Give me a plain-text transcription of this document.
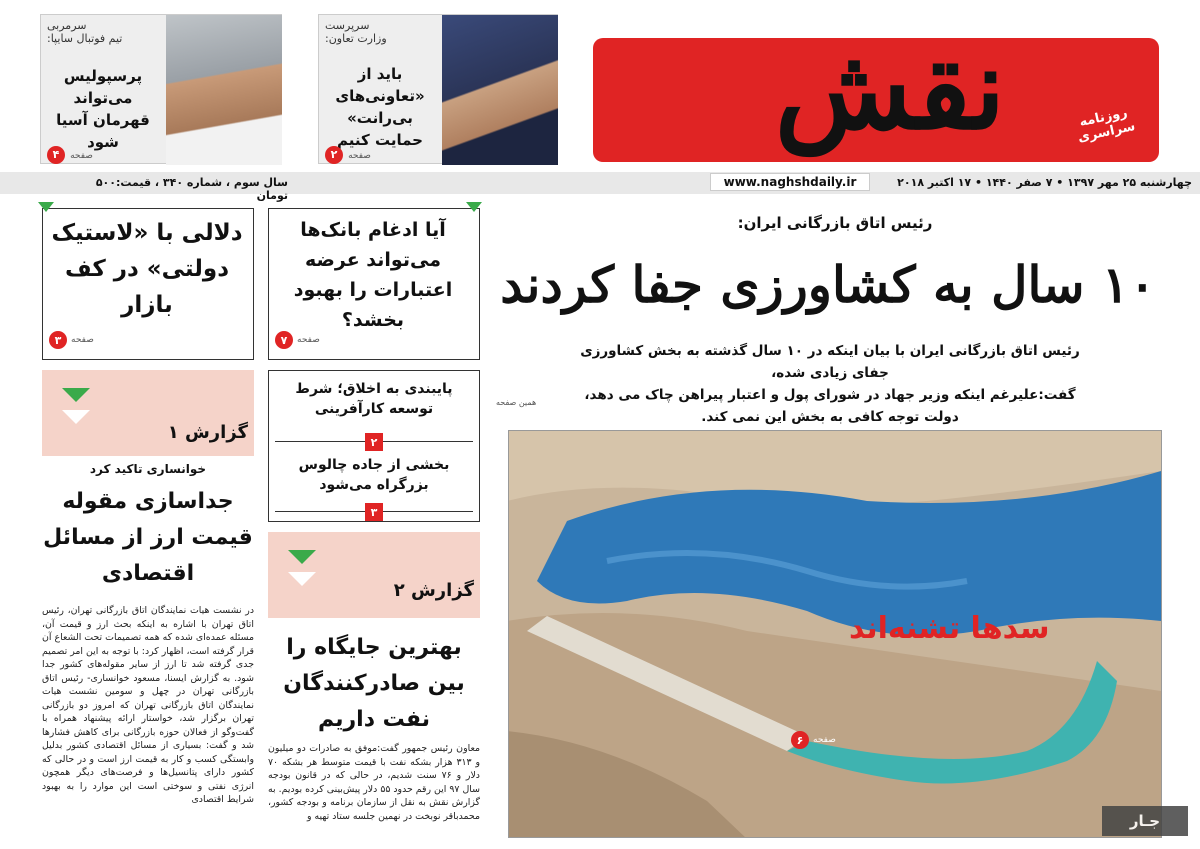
نقش	روزنامه سراسری
سرپرست
وزارت تعاون:
باید از «تعاونی‌های بی‌رانت» حمایت کنیم
صفحه ۲
سرمربی
تیم فوتبال سایپا:
پرسپولیس می‌تواند قهرمان آسیا شود
صفحه ۴
چهارشنبه ۲۵ مهر ۱۳۹۷ • ۷ صفر ۱۴۴۰ • ۱۷ اکتبر ۲۰۱۸
www.naghshdaily.ir
سال سوم ، شماره ۳۴۰ ، قیمت:۵۰۰ تومان
رئیس اتاق بازرگانی ایران:
۱۰ سال به کشاورزی جفا کردند
رئیس اتاق بازرگانی ایران با بیان اینکه در ۱۰ سال گذشته به بخش کشاورزی جفای زیادی شده،
گفت:علیرغم اینکه وزیر جهاد در شورای پول و اعتبار پیراهن چاک می دهد،
دولت توجه کافی به بخش این نمی کند.
همین صفحه
سدها تشنه‌اند
صفحه
۶
آیا ادغام بانک‌ها می‌تواند عرضه اعتبارات را بهبود بخشد؟
صفحه
۷
دلالی با «لاستیک دولتی» در کف بازار
صفحه
۳
پایبندی به اخلاق؛ شرط توسعه کارآفرینی
۲
بخشی از جاده چالوس بزرگراه می‌شود
۳
گزارش ۱
خوانساری تاکید کرد
جداسازی مقوله قیمت ارز از مسائل اقتصادی
در نشست هیات نمایندگان اتاق بازرگانی تهران، رئیس اتاق تهران با اشاره به اینکه بحث ارز و قیمت آن، مسئله عمده‌ای شده که همه تصمیمات تحت الشعاع آن قرار گرفته است، اظهار کرد: با توجه به این امر تصمیم جدی گرفته شد تا ارز از سایر مقوله‌های کشور جدا شود. به گزارش ایسنا، مسعود خوانساری- رئیس اتاق بازرگانی تهران در چهل و سومین نشست هیات نمایندگان اتاق بازرگانی تهران که امروز دو بازرگانی تهران برگزار شد، خواستار ارائه پیشنهاد همراه با گفت‌وگو از فعالان حوزه بازرگانی برای کاهش فشارها شد و گفت: بسیاری از مسائل اقتصادی کشور بدلیل وابستگی کسب و کار به قیمت ارز است و در حالی که کشور دارای پتانسیل‌ها و فرصت‌های دیگر همچون انرژی نفتی و سوختی است این موارد را به بهبود شرایط اقتصادی
گزارش ۲
بهترین جایگاه را بین صادرکنندگان نفت داریم
معاون رئیس جمهور گفت:موفق به صادرات دو میلیون و ۳۱۳ هزار بشکه نفت با قیمت متوسط هر بشکه ۷۰ دلار و ۷۶ سنت شدیم، در حالی که در قانون بودجه سال ۹۷ این رقم حدود ۵۵ دلار پیش‌بینی کرده بودیم. به گزارش نقش به نقل از سازمان برنامه و بودجه کشور، محمدباقر نوبخت در نهمین جلسه ستاد تهیه و	جـار
